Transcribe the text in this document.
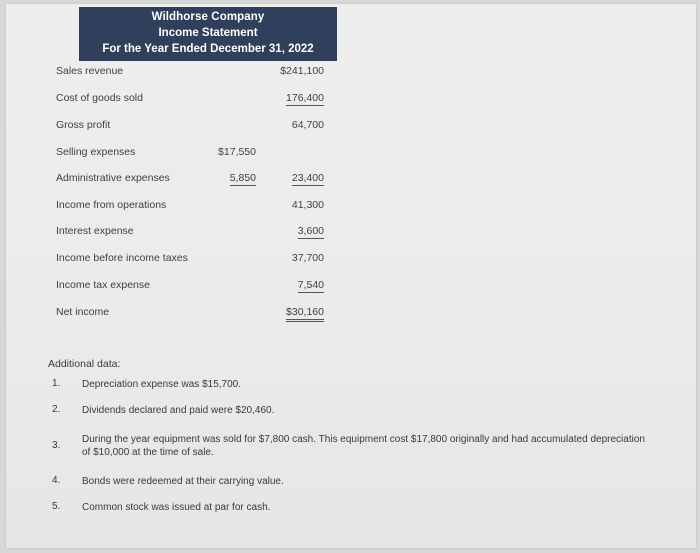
Wildhorse Company
Income Statement
For the Year Ended December 31, 2022
Sales revenue	$241,100
Cost of goods sold	176,400
Gross profit	64,700
Selling expenses	$17,550
Administrative expenses	5,850	23,400
Income from operations	41,300
Interest expense	3,600
Income before income taxes	37,700
Income tax expense	7,540
Net income	$30,160
Additional data:
1.	Depreciation expense was $15,700.
2.	Dividends declared and paid were $20,460.
3.
During the year equipment was sold for $7,800 cash. This equipment cost $17,800 originally and had accumulated depreciation of $10,000 at the time of sale.
4.	Bonds were redeemed at their carrying value.
5.	Common stock was issued at par for cash.
